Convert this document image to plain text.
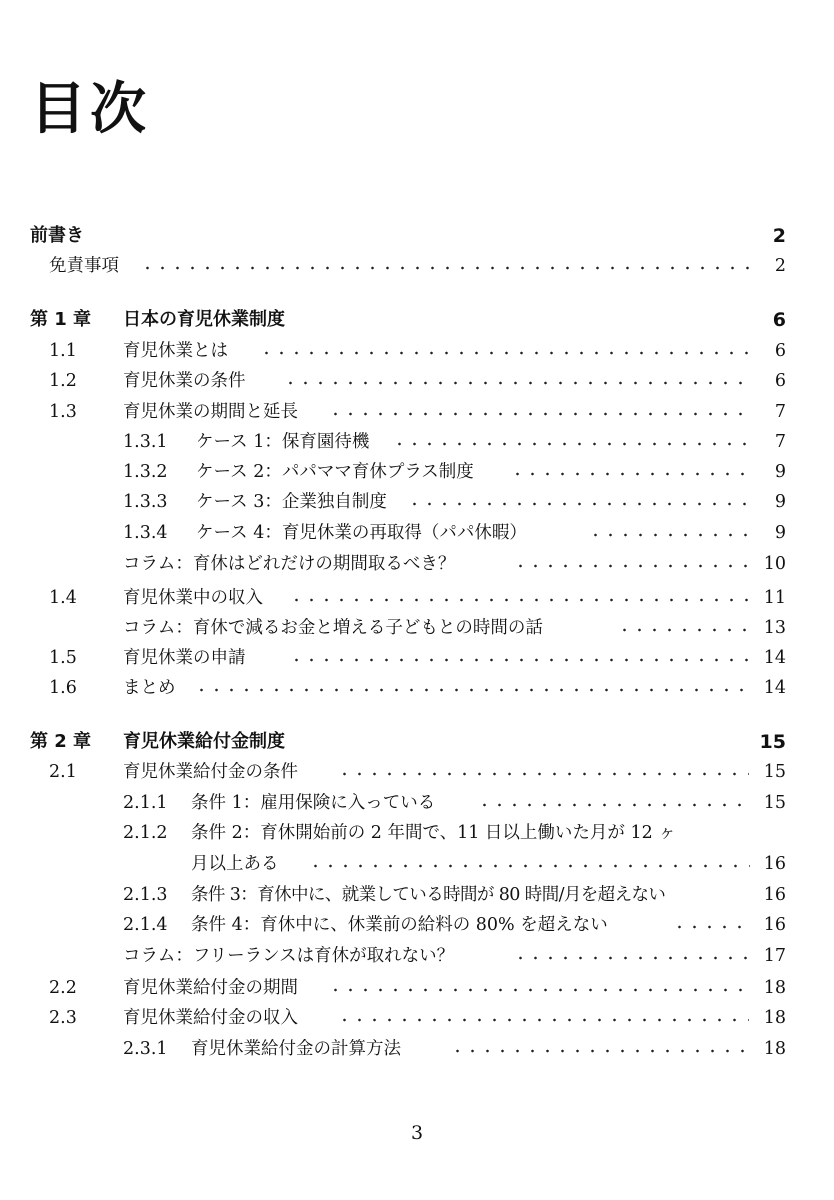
目次
前書き	2
免責事項	2
第 1 章 日本の育児休業制度	6
1.1	育児休業とは	6
1.2	育児休業の条件	6
1.3	育児休業の期間と延長	7
1.3.1 ケース 1：保育園待機	7
1.3.2 ケース 2：パパママ育休プラス制度	9
1.3.3 ケース 3：企業独自制度	9
1.3.4 ケース 4：育児休業の再取得（パパ休暇）	9
コラム：育休はどれだけの期間取るべき？	10
1.4	育児休業中の収入	11
コラム：育休で減るお金と増える子どもとの時間の話	13
1.5	育児休業の申請	14
1.6	まとめ	14
第 2 章 育児休業給付金制度	15
2.1	育児休業給付金の条件	15
2.1.1 条件 1：雇用保険に入っている	15
2.1.2 条件 2：育休開始前の 2 年間で、11 日以上働いた月が 12 ヶ
月以上ある	16
2.1.3 条件 3：育休中に、就業している時間が 80 時間/月を超えない	16
2.1.4 条件 4：育休中に、休業前の給料の 80% を超えない	16
コラム：フリーランスは育休が取れない？	17
2.2	育児休業給付金の期間	18
2.3	育児休業給付金の収入	18
2.3.1 育児休業給付金の計算方法	18
3
